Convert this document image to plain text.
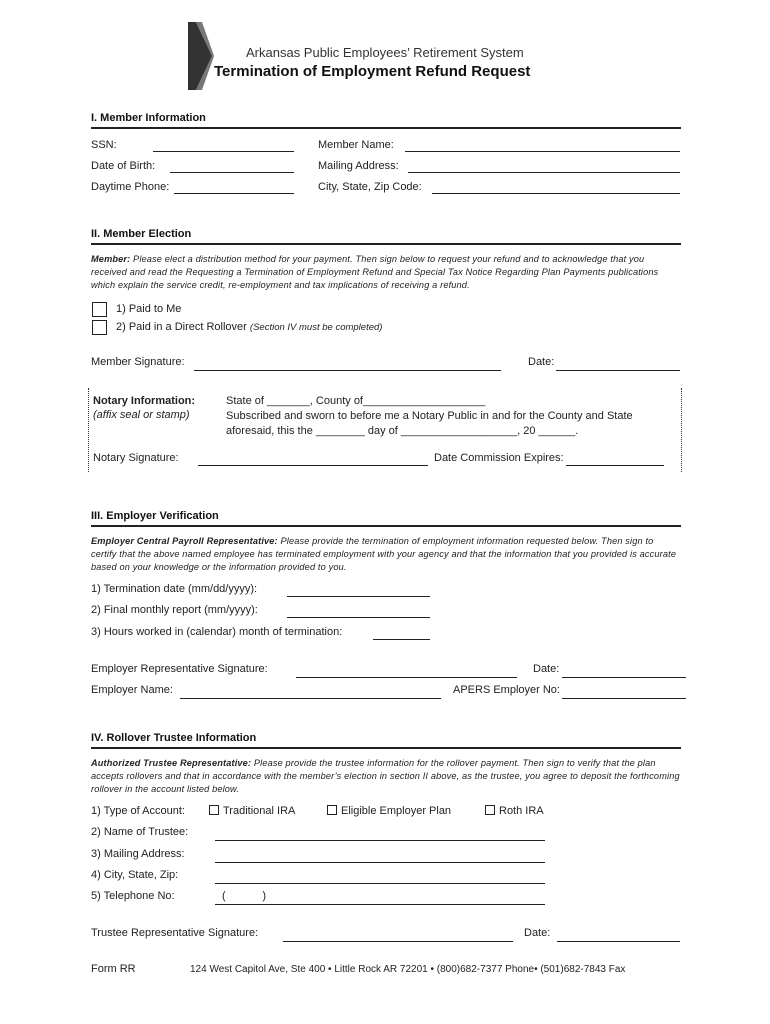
Arkansas Public Employees’ Retirement System
Termination of Employment Refund Request
I. Member Information
SSN:	Member Name:
Date of Birth:	Mailing Address:
Daytime Phone:	City, State, Zip Code:
II. Member Election
Member: Please elect a distribution method for your payment. Then sign below to request your refund and to acknowledge that you received and read the Requesting a Termination of Employment Refund and Special Tax Notice Regarding Plan Payments publications which explain the service credit, re-employment and tax implications of receiving a refund.
1) Paid to Me
2) Paid in a Direct Rollover (Section IV must be completed)
Member Signature:	Date:
Notary Information:
(affix seal or stamp)
State of _______, County of____________________
Subscribed and sworn to before me a Notary Public in and for the County and State
aforesaid, this the ________ day of ___________________, 20 ______.
Notary Signature:	Date Commission Expires:
III. Employer Verification
Employer Central Payroll Representative: Please provide the termination of employment information requested below. Then sign to certify that the above named employee has terminated employment with your agency and that the information that you provided is accurate based on your knowledge or the information provided to you.
1) Termination date (mm/dd/yyyy):
2) Final monthly report (mm/yyyy):
3) Hours worked in (calendar) month of termination:
Employer Representative Signature:	Date:
Employer Name:	APERS Employer No:
IV. Rollover Trustee Information
Authorized Trustee Representative: Please provide the trustee information for the rollover payment. Then sign to verify that the plan accepts rollovers and that in accordance with the member’s election in section II above, as the trustee, you agree to deposit the forthcoming rollover in the account listed below.
1) Type of Account:	Traditional IRA	Eligible Employer Plan	Roth IRA
2) Name of Trustee:
3) Mailing Address:
4) City, State, Zip:
5) Telephone No:	(            )
Trustee Representative Signature:	Date:
Form RR	124 West Capitol Ave, Ste 400 • Little Rock AR 72201 • (800)682-7377 Phone• (501)682-7843 Fax
